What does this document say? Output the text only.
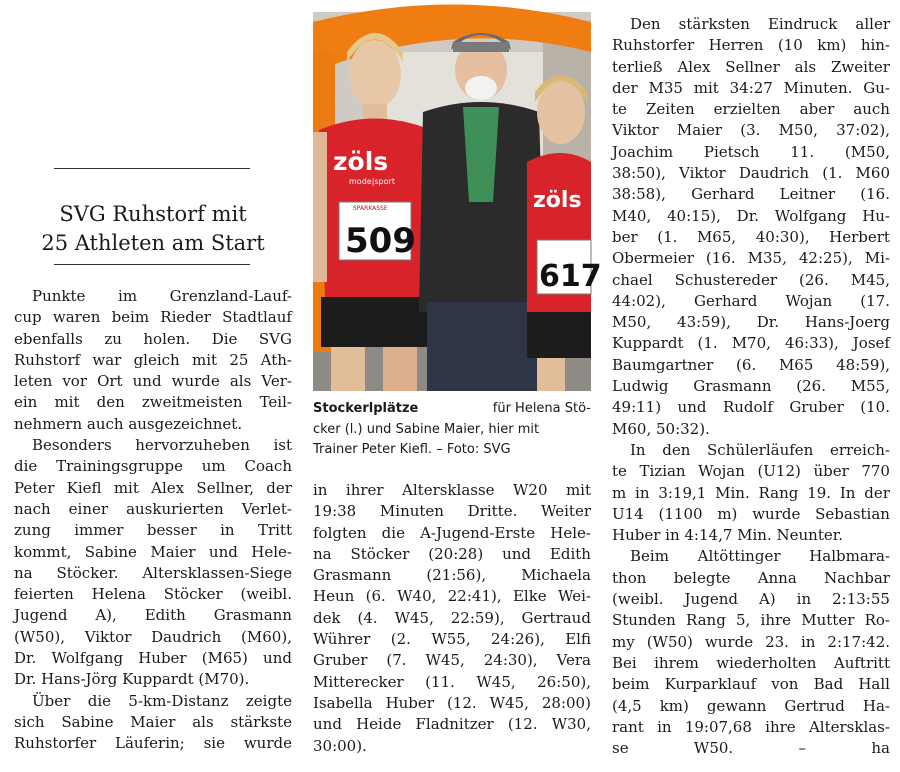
SVG Ruhstorf mit
25 Athleten am Start
Punkte im Grenzland-Lauf-
cup waren beim Rieder Stadtlauf
ebenfalls zu holen. Die SVG
Ruhstorf war gleich mit 25 Ath-
leten vor Ort und wurde als Ver-
ein mit den zweitmeisten Teil-
nehmern auch ausgezeichnet.
Besonders hervorzuheben ist
die Trainingsgruppe um Coach
Peter Kiefl mit Alex Sellner, der
nach einer auskurierten Verlet-
zung immer besser in Tritt
kommt, Sabine Maier und Hele-
na Stöcker. Altersklassen-Siege
feierten Helena Stöcker (weibl.
Jugend A), Edith Grasmann
(W50), Viktor Daudrich (M60),
Dr. Wolfgang Huber (M65) und
Dr. Hans-Jörg Kuppardt (M70).
Über die 5-km-Distanz zeigte
sich Sabine Maier als stärkste
Ruhstorfer Läuferin; sie wurde
zöls
mode|sport
SPARKASSE
509
zöls
617
Stockerlplätze	für Helena Stö-
cker (l.) und Sabine Maier, hier mit
Trainer Peter Kiefl. – Foto: SVG
in ihrer Altersklasse W20 mit
19:38 Minuten Dritte. Weiter
folgten die A-Jugend-Erste Hele-
na Stöcker (20:28) und Edith
Grasmann (21:56), Michaela
Heun (6. W40, 22:41), Elke Wei-
dek (4. W45, 22:59), Gertraud
Wührer (2. W55, 24:26), Elfi
Gruber (7. W45, 24:30), Vera
Mitterecker (11. W45, 26:50),
Isabella Huber (12. W45, 28:00)
und Heide Fladnitzer (12. W30,
30:00).
Den stärksten Eindruck aller
Ruhstorfer Herren (10 km) hin-
terließ Alex Sellner als Zweiter
der M35 mit 34:27 Minuten. Gu-
te Zeiten erzielten aber auch
Viktor Maier (3. M50, 37:02),
Joachim Pietsch 11. (M50,
38:50), Viktor Daudrich (1. M60
38:58), Gerhard Leitner (16.
M40, 40:15), Dr. Wolfgang Hu-
ber (1. M65, 40:30), Herbert
Obermeier (16. M35, 42:25), Mi-
chael Schustereder (26. M45,
44:02), Gerhard Wojan (17.
M50, 43:59), Dr. Hans-Joerg
Kuppardt (1. M70, 46:33), Josef
Baumgartner (6. M65 48:59),
Ludwig Grasmann (26. M55,
49:11) und Rudolf Gruber (10.
M60, 50:32).
In den Schülerläufen erreich-
te Tizian Wojan (U12) über 770
m in 3:19,1 Min. Rang 19. In der
U14 (1100 m) wurde Sebastian
Huber in 4:14,7 Min. Neunter.
Beim Altöttinger Halbmara-
thon belegte Anna Nachbar
(weibl. Jugend A) in 2:13:55
Stunden Rang 5, ihre Mutter Ro-
my (W50) wurde 23. in 2:17:42.
Bei ihrem wiederholten Auftritt
beim Kurparklauf von Bad Hall
(4,5 km) gewann Gertrud Ha-
rant in 19:07,68 ihre Altersklas-
se	W50.	–	ha
